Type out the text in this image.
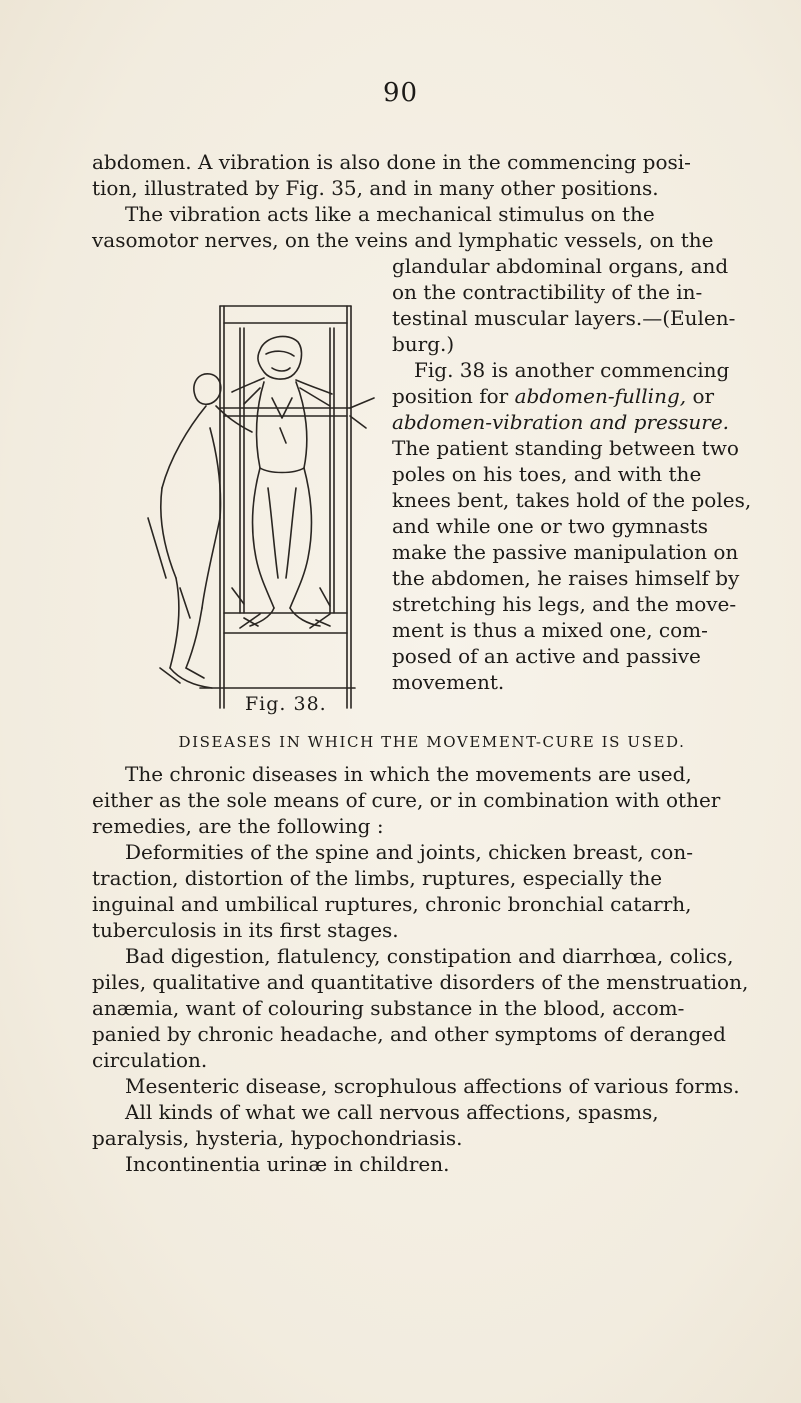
90
abdomen. A vibration is also done in the commencing posi-
tion, illustrated by Fig. 35, and in many other positions.
The vibration acts like a mechanical stimulus on the
vasomotor nerves, on the veins and lymphatic vessels, on the
glandular abdominal organs, and
on the contractibility of the in-
testinal muscular layers.—(Eulen-
burg.)
Fig. 38 is another commencing
position for abdomen-fulling, or
abdomen-vibration and pressure.
The patient standing between two
poles on his toes, and with the
knees bent, takes hold of the poles,
and while one or two gymnasts
make the passive manipulation on
the abdomen, he raises himself by
stretching his legs, and the move-
ment is thus a mixed one, com-
posed of an active and passive
movement.
Fig. 38.
DISEASES IN WHICH THE MOVEMENT-CURE IS USED.
The chronic diseases in which the movements are used,
either as the sole means of cure, or in combination with other
remedies, are the following :
Deformities of the spine and joints, chicken breast, con-
traction, distortion of the limbs, ruptures, especially the
inguinal and umbilical ruptures, chronic bronchial catarrh,
tuberculosis in its first stages.
Bad digestion, flatulency, constipation and diarrhœa, colics,
piles, qualitative and quantitative disorders of the menstruation,
anæmia, want of colouring substance in the blood, accom-
panied by chronic headache, and other symptoms of deranged
circulation.
Mesenteric disease, scrophulous affections of various forms.
All kinds of what we call nervous affections, spasms,
paralysis, hysteria, hypochondriasis.
Incontinentia urinæ in children.
